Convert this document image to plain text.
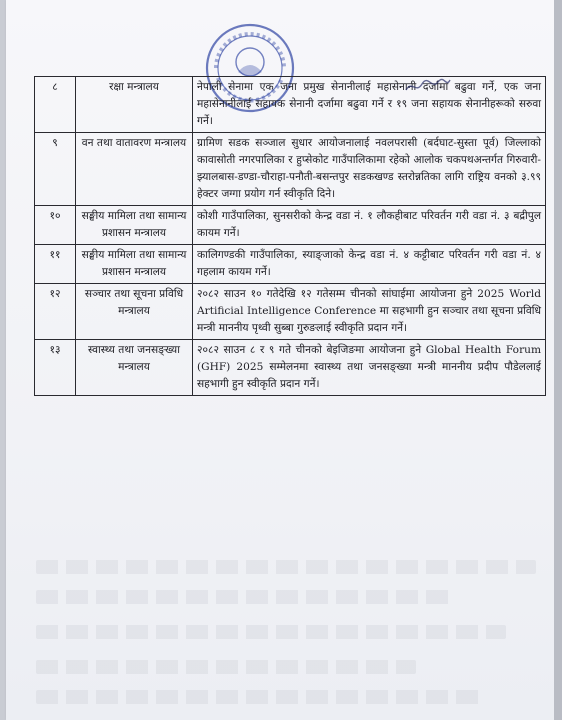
८	रक्षा मन्त्रालय	नेपाली सेनामा एक जना प्रमुख सेनानीलाई महासेनानी दर्जामा बढुवा गर्ने, एक जना महासेनानीलाई सहायक सेनानी दर्जामा बढुवा गर्ने र १९ जना सहायक सेनानीहरूको सरुवा गर्ने।
९	वन तथा वातावरण मन्त्रालय	ग्रामिण सडक सञ्जाल सुधार आयोजनालाई नवलपरासी (बर्दघाट-सुस्ता पूर्व) जिल्लाको कावासोती नगरपालिका र हुप्सेकोट गाउँपालिकामा रहेको आलोक चकपथअन्तर्गत गिरुवारी-झ्यालबास-डण्डा-चौराहा-पनौती-बसन्तपुर सडकखण्ड स्तरोन्नतिका लागि राष्ट्रिय वनको ३.९९ हेक्टर जग्गा प्रयोग गर्न स्वीकृति दिने।
१०	सङ्घीय मामिला तथा सामान्य प्रशासन मन्त्रालय	कोशी गाउँपालिका, सुनसरीको केन्द्र वडा नं. १ लौकहीबाट परिवर्तन गरी वडा नं. ३ बद्रीपुल कायम गर्ने।
११	सङ्घीय मामिला तथा सामान्य प्रशासन मन्त्रालय	कालिगण्डकी गाउँपालिका, स्याङ्जाको केन्द्र वडा नं. ४ कट्टीबाट परिवर्तन गरी वडा नं. ४ गहलाम कायम गर्ने।
१२	सञ्चार तथा सूचना प्रविधि मन्त्रालय	२०८२ साउन १० गतेदेखि १२ गतेसम्म चीनको सांघाईमा आयोजना हुने 2025 World Artificial Intelligence Conference मा सहभागी हुन सञ्चार तथा सूचना प्रविधि मन्त्री माननीय पृथ्वी सुब्बा गुरुङलाई स्वीकृति प्रदान गर्ने।
१३	स्वास्थ्य तथा जनसङ्ख्या मन्त्रालय	२०८२ साउन ८ र ९ गते चीनको बेइजिङमा आयोजना हुने Global Health Forum (GHF) 2025 सम्मेलनमा स्वास्थ्य तथा जनसङ्ख्या मन्त्री माननीय प्रदीप पौडेललाई सहभागी हुन स्वीकृति प्रदान गर्ने।
